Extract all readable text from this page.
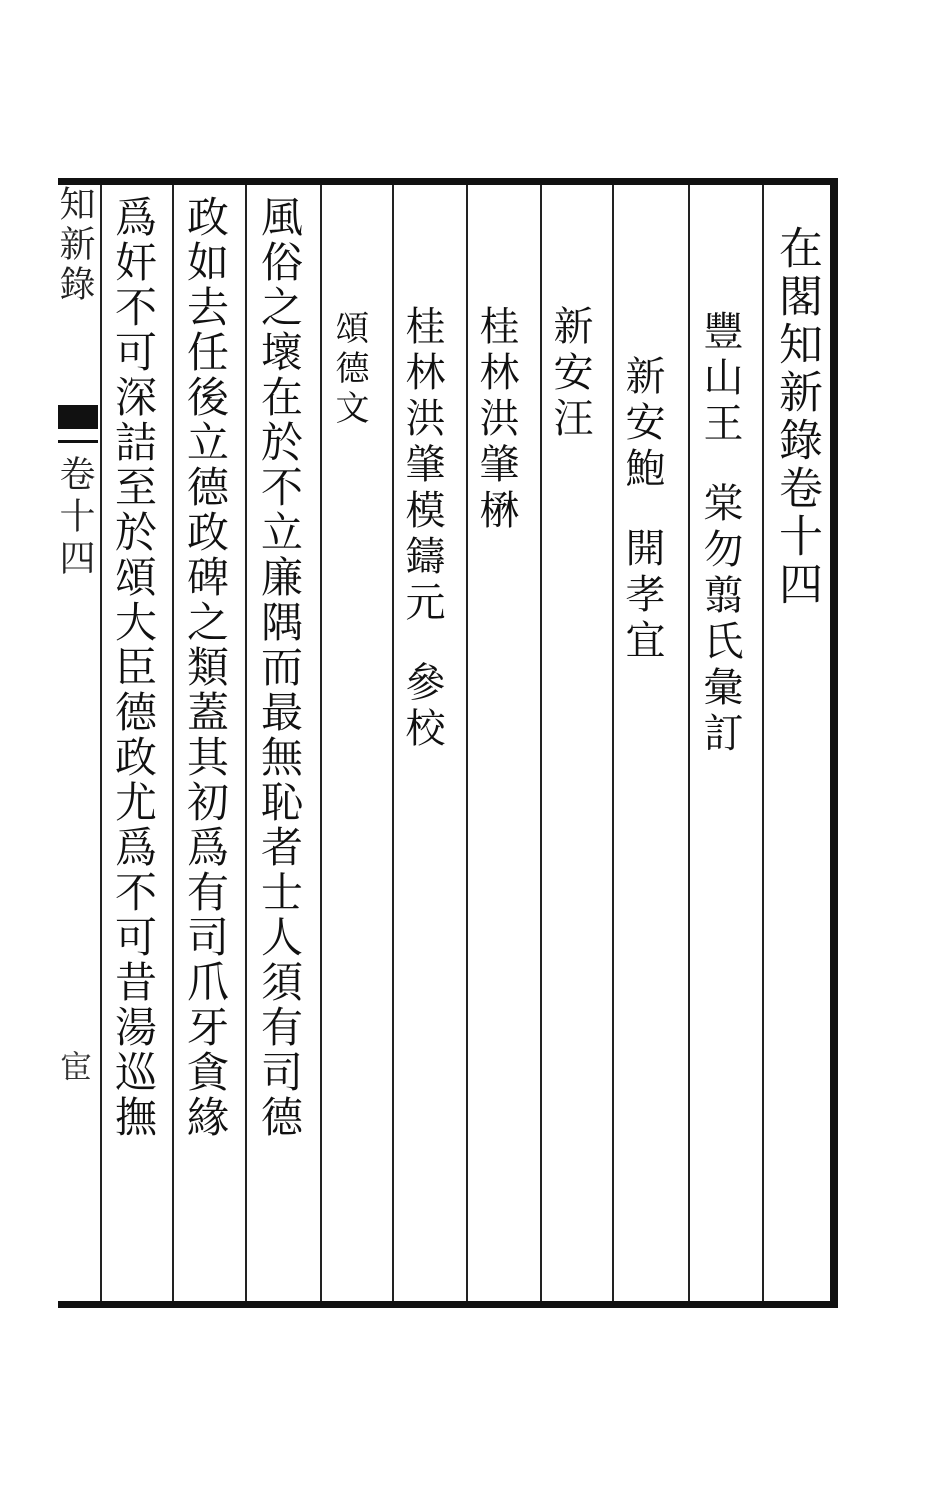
在閣知新錄卷十四
豐山王棠勿翦氏彙訂
新安鮑開孝宜
新安汪
桂林洪肇楙
桂林洪肇模鑄元參校
頌德文
風俗之壞在於不立廉隅而最無恥者士人須有司德
政如去任後立德政碑之類蓋其初爲有司爪牙貪緣
爲奸不可深詰至於頌大臣德政尤爲不可昔湯巡撫
知新錄
卷十四
宦
